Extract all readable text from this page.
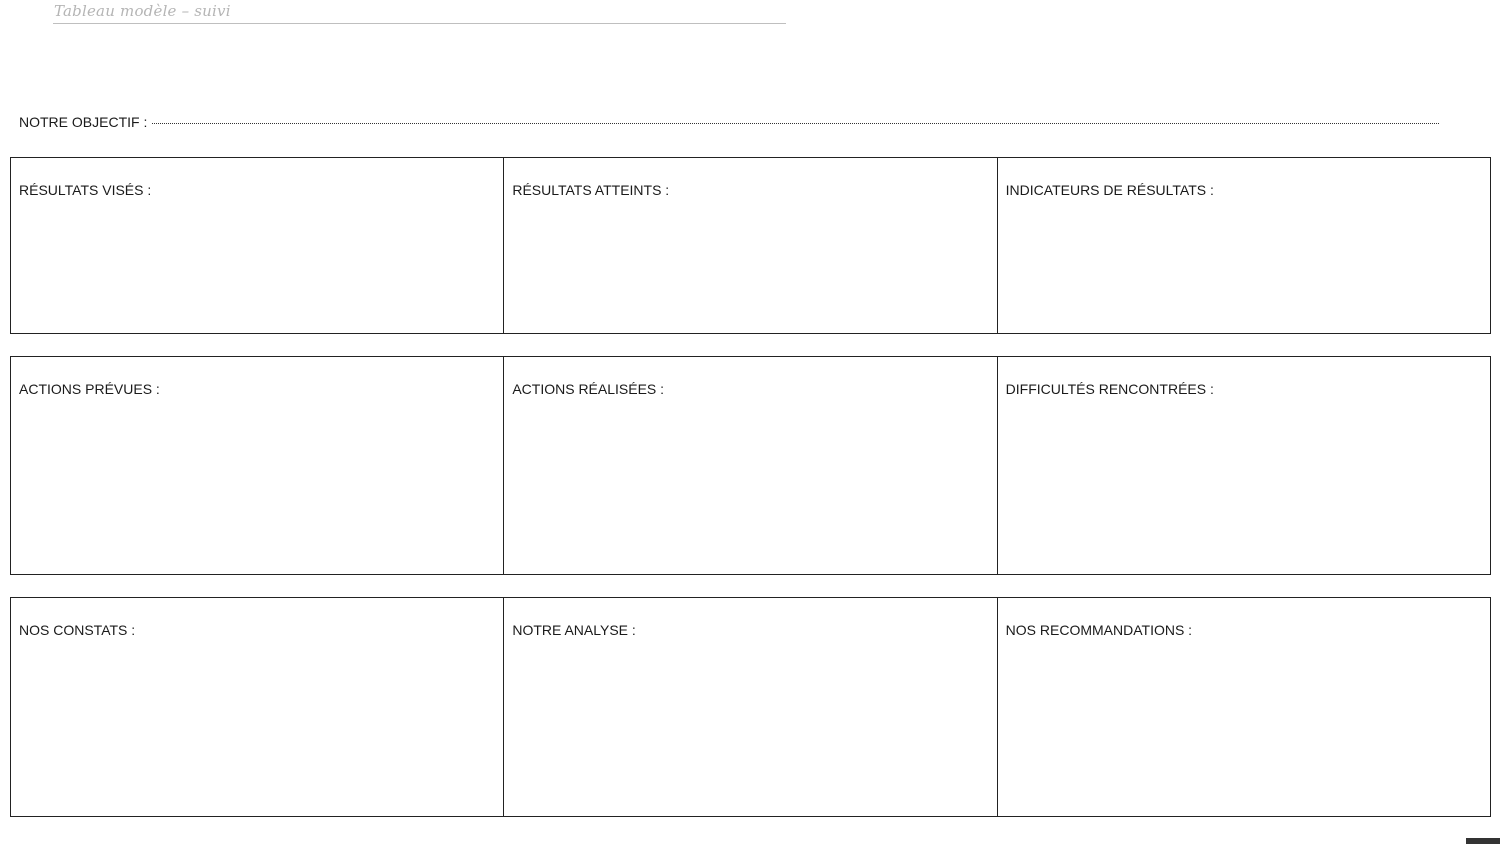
Tableau modèle – suivi
NOTRE OBJECTIF :
RÉSULTATS VISÉS :	RÉSULTATS ATTEINTS :	INDICATEURS DE RÉSULTATS :
ACTIONS PRÉVUES :	ACTIONS RÉALISÉES :	DIFFICULTÉS RENCONTRÉES :
NOS CONSTATS :	NOTRE ANALYSE :	NOS RECOMMANDATIONS :
